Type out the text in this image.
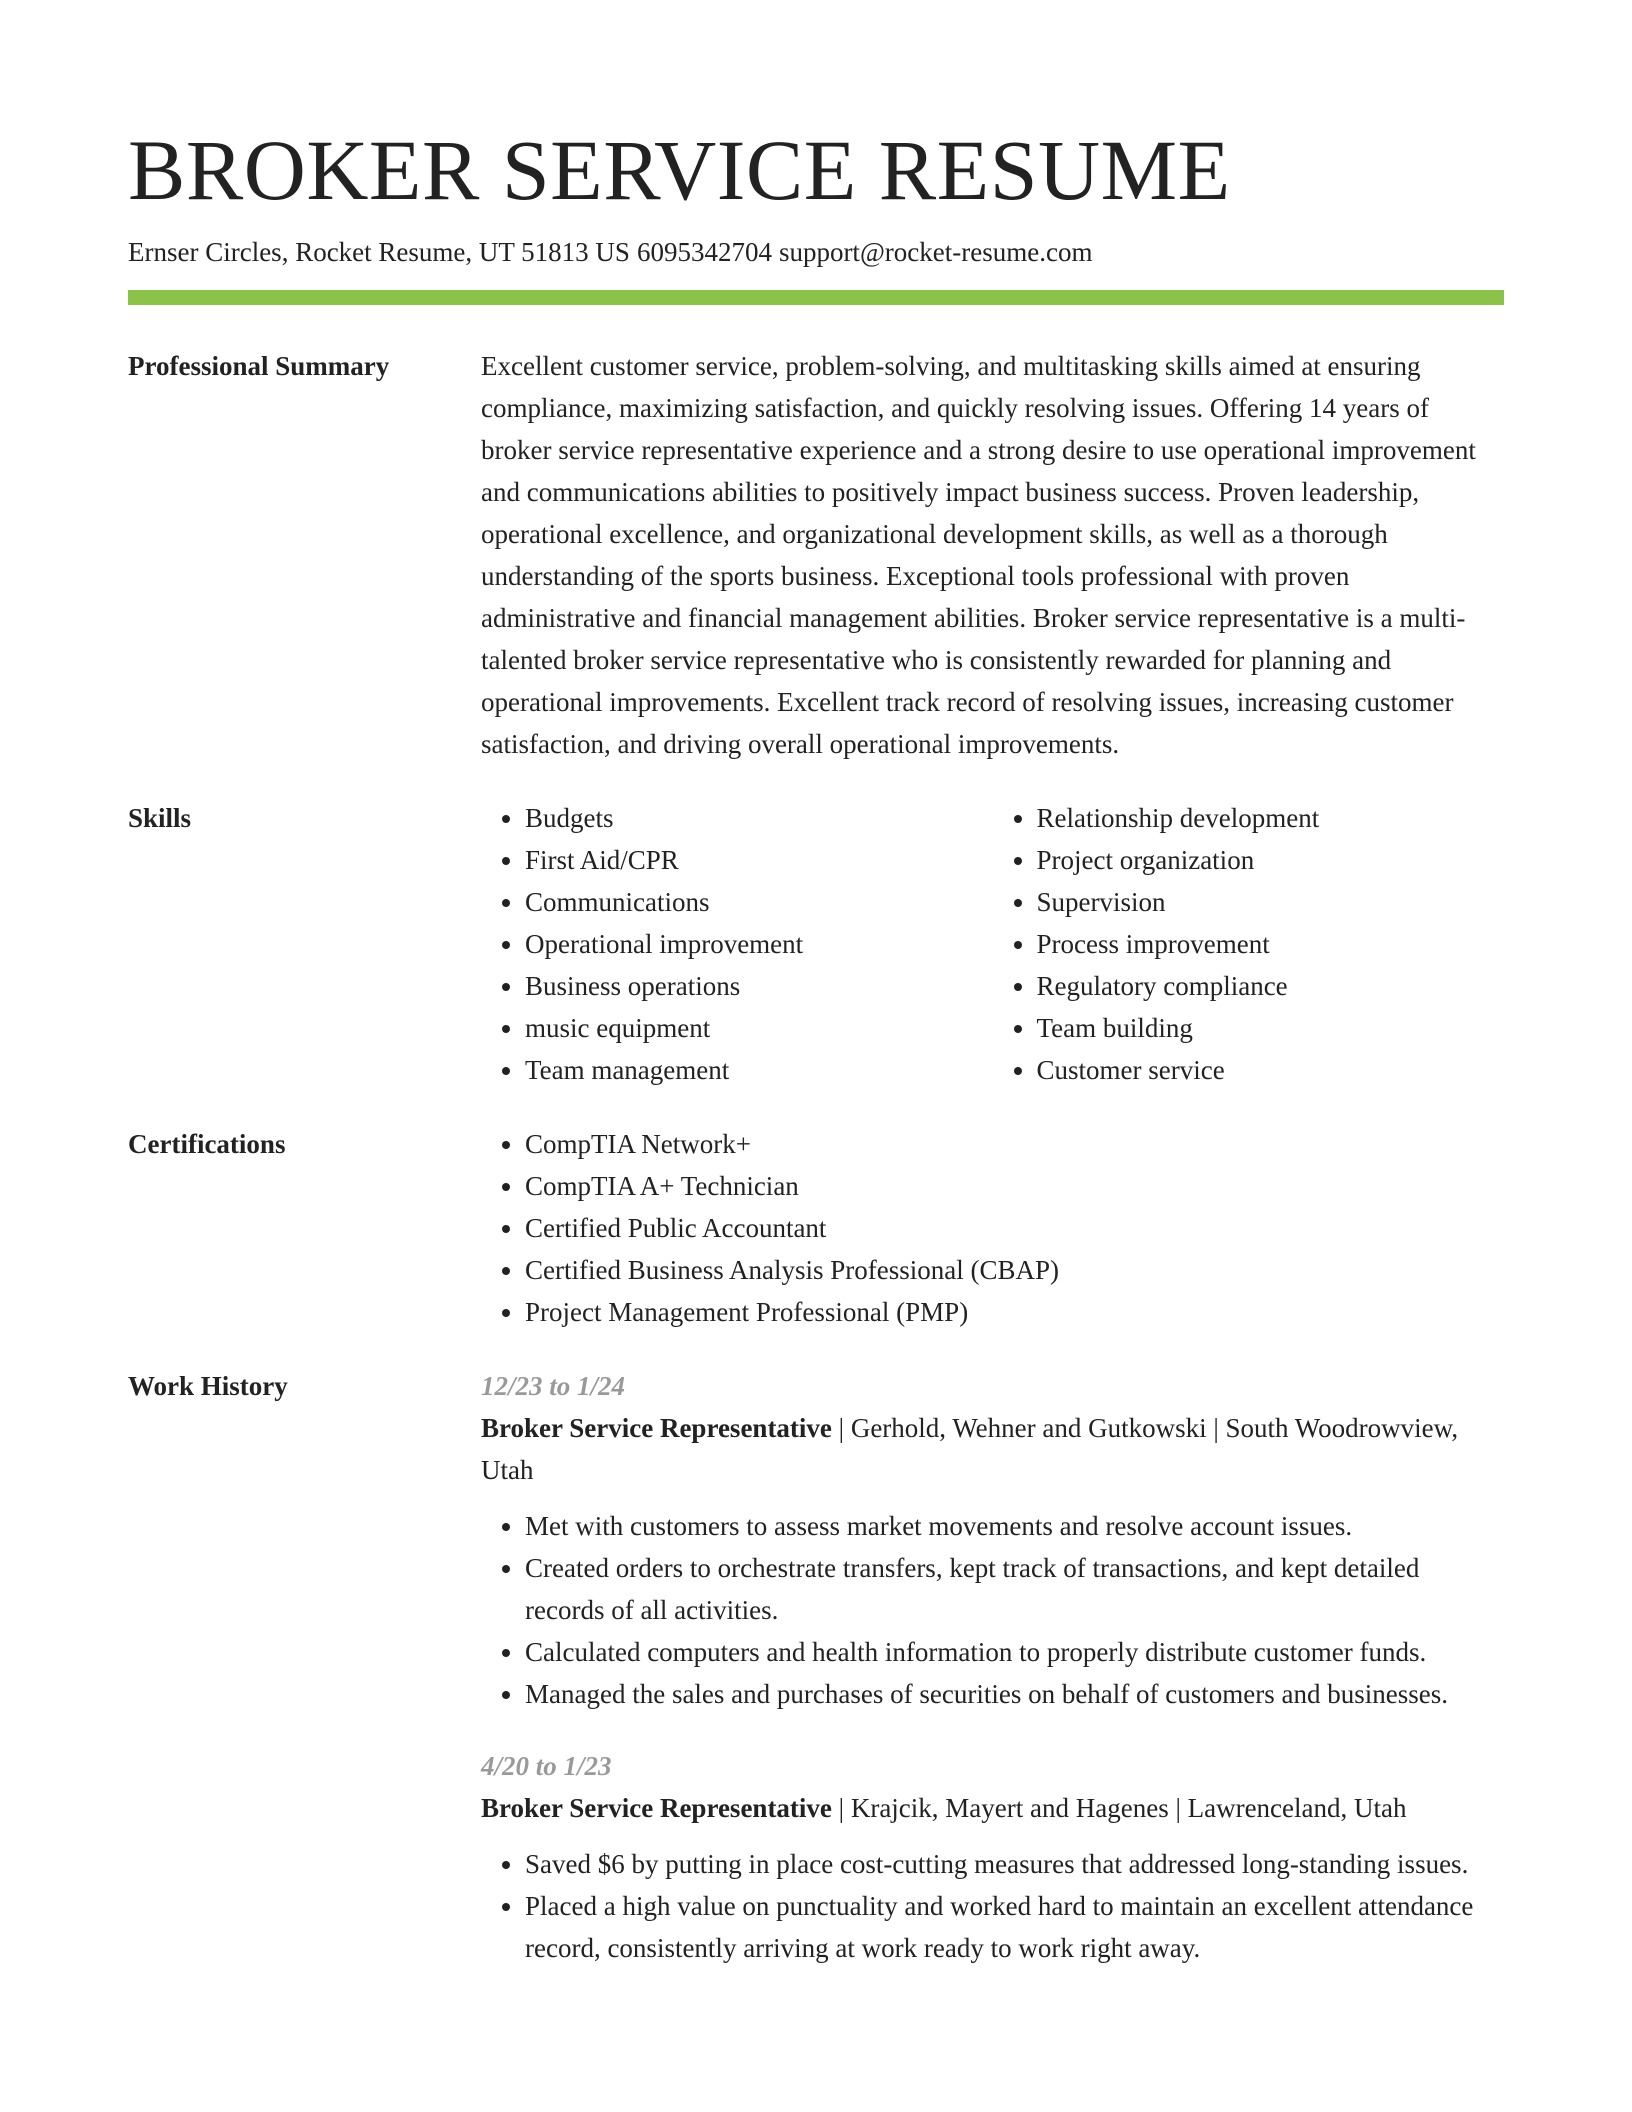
BROKER SERVICE RESUME
Ernser Circles, Rocket Resume, UT 51813 US 6095342704 support@rocket-resume.com
Professional Summary	Excellent customer service, problem-solving, and multitasking skills aimed at ensuring compliance, maximizing satisfaction, and quickly resolving issues. Offering 14 years of broker service representative experience and a strong desire to use operational improvement and communications abilities to positively impact business success. Proven leadership, operational excellence, and organizational development skills, as well as a thorough understanding of the sports business. Exceptional tools professional with proven administrative and financial management abilities. Broker service representative is a multi-talented broker service representative who is consistently rewarded for planning and operational improvements. Excellent track record of resolving issues, increasing customer satisfaction, and driving overall operational improvements.

Skills	• Budgets
• First Aid/CPR
• Communications
• Operational improvement
• Business operations
• music equipment
• Team management
• Relationship development
• Project organization
• Supervision
• Process improvement
• Regulatory compliance
• Team building
• Customer service
Certifications	• CompTIA Network+
• CompTIA A+ Technician
• Certified Public Accountant
• Certified Business Analysis Professional (CBAP)
• Project Management Professional (PMP)
Work History	12/23 to 1/24
Broker Service Representative | Gerhold, Wehner and Gutkowski | South Woodrowview, Utah
• Met with customers to assess market movements and resolve account issues.
• Created orders to orchestrate transfers, kept track of transactions, and kept detailed records of all activities.
• Calculated computers and health information to properly distribute customer funds.
• Managed the sales and purchases of securities on behalf of customers and businesses.
4/20 to 1/23
Broker Service Representative | Krajcik, Mayert and Hagenes | Lawrenceland, Utah
• Saved $6 by putting in place cost-cutting measures that addressed long-standing issues.
• Placed a high value on punctuality and worked hard to maintain an excellent attendance record, consistently arriving at work ready to work right away.
